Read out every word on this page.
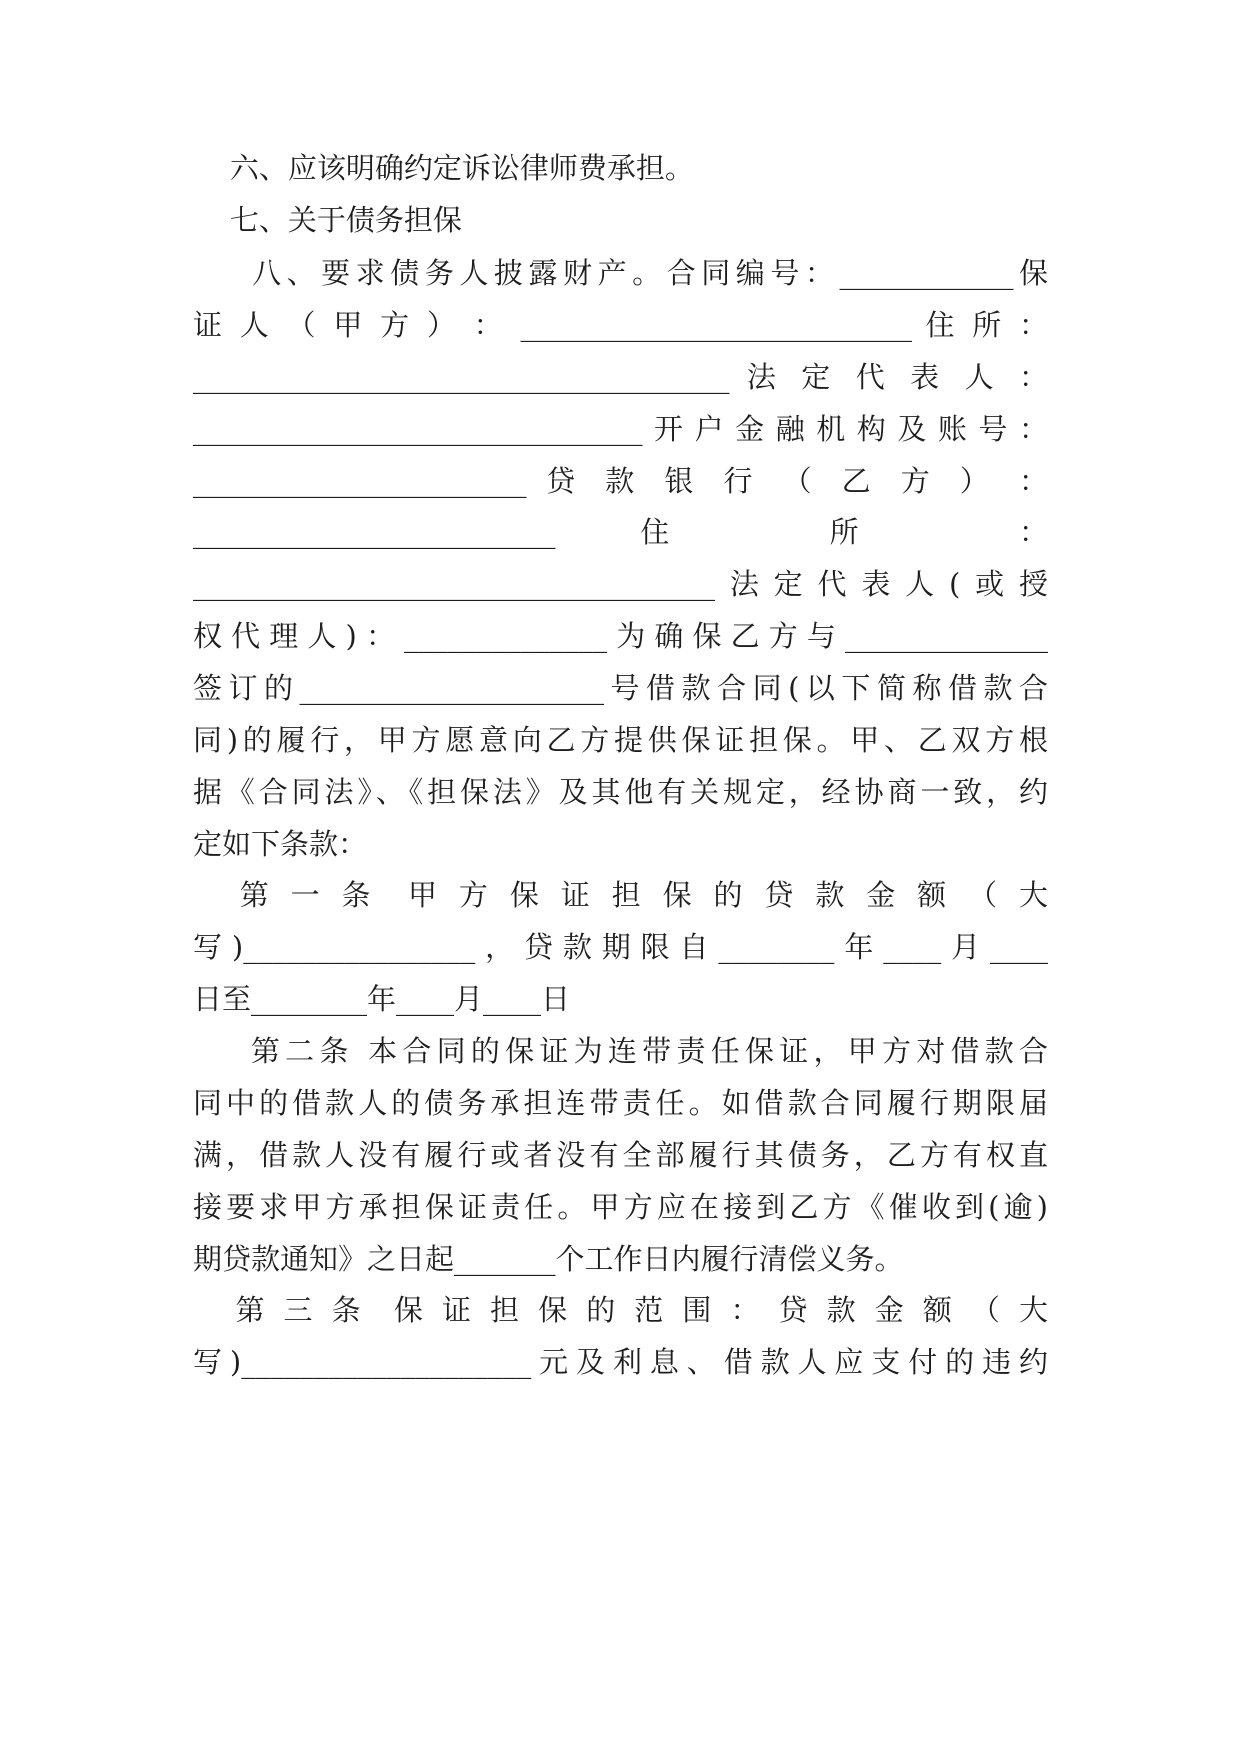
六、应该明确约定诉讼律师费承担。
七、关于债务担保
八、要求债务人披露财产。合同编号：____________保
证 人 （ 甲 方 ） ： ___________________________ 住 所 ：
_____________________________________ 法 定 代 表 人 ：
_______________________________开户金融机构及账号：
_______________________ 贷 款 银 行 （ 乙 方 ） ：
_________________________ 住 所 ：
____________________________________法定代表人(或授
权代理人)：______________为确保乙方与______________
签订的_____________________号借款合同(以下简称借款合
同)的履行，甲方愿意向乙方提供保证担保。甲、乙双方根
据《合同法》、《担保法》及其他有关规定，经协商一致，约
定如下条款：
第 一 条  甲 方 保 证 担 保 的 贷 款 金 额 （ 大
写)________________，贷款期限自________年____月____
日至________年____月____日
第二条 本合同的保证为连带责任保证，甲方对借款合
同中的借款人的债务承担连带责任。如借款合同履行期限届
满，借款人没有履行或者没有全部履行其债务，乙方有权直
接要求甲方承担保证责任。甲方应在接到乙方《催收到(逾)
期贷款通知》之日起_______个工作日内履行清偿义务。
第 三 条  保 证 担 保 的 范 围 ： 贷 款 金 额 （ 大
写)____________________元及利息、借款人应支付的违约
